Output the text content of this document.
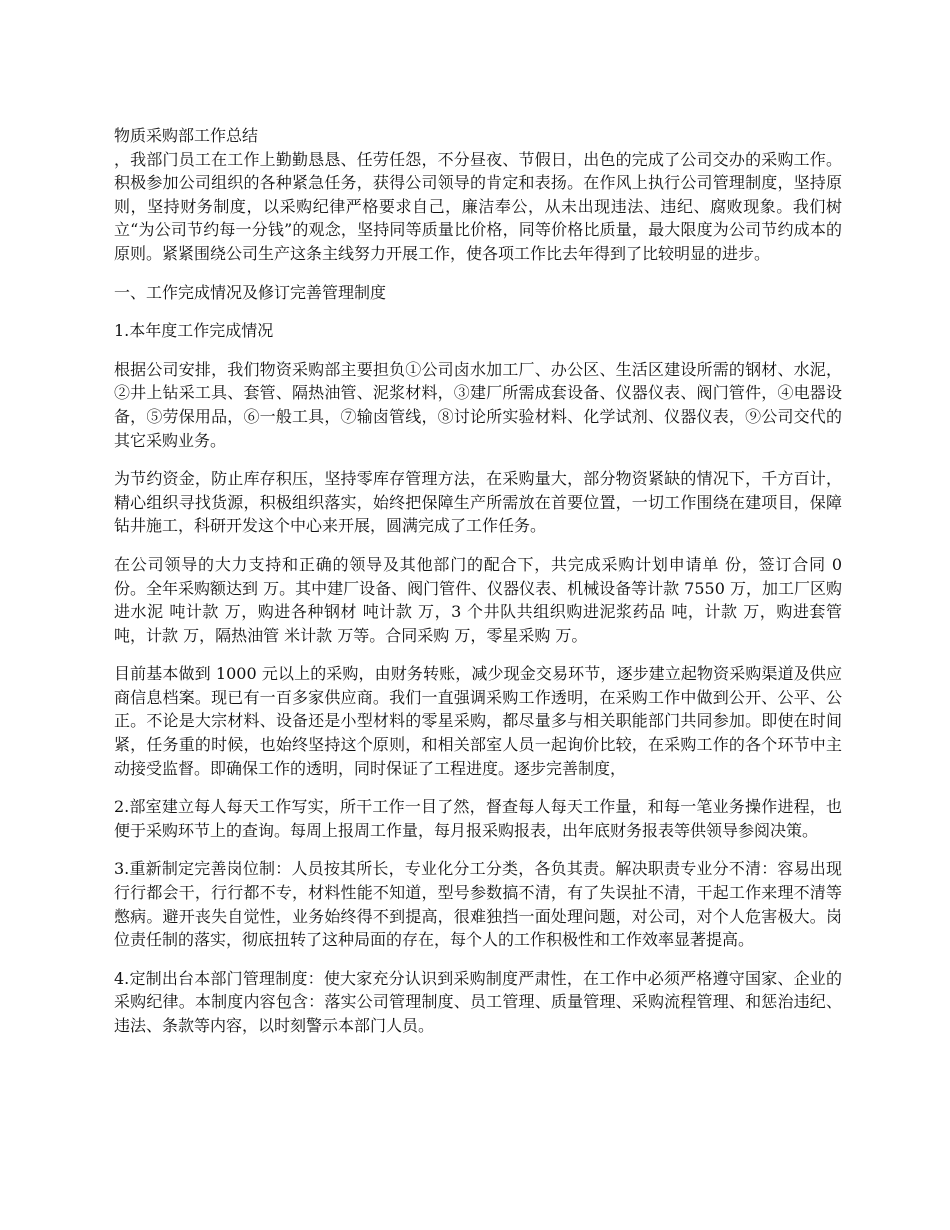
物质采购部工作总结

，我部门员工在工作上勤勤恳恳、任劳任怨，不分昼夜、节假日，出色的完成了公司交办的采购工作。积极参加公司组织的各种紧急任务，获得公司领导的肯定和表扬。在作风上执行公司管理制度，坚持原则，坚持财务制度，以采购纪律严格要求自己，廉洁奉公，从未出现违法、违纪、腐败现象。我们树立“为公司节约每一分钱”的观念，坚持同等质量比价格，同等价格比质量，最大限度为公司节约成本的原则。紧紧围绕公司生产这条主线努力开展工作，使各项工作比去年得到了比较明显的进步。

一、工作完成情况及修订完善管理制度

1.本年度工作完成情况

根据公司安排，我们物资采购部主要担负①公司卤水加工厂、办公区、生活区建设所需的钢材、水泥，②井上钻采工具、套管、隔热油管、泥浆材料，③建厂所需成套设备、仪器仪表、阀门管件，④电器设备，⑤劳保用品，⑥一般工具，⑦输卤管线，⑧讨论所实验材料、化学试剂、仪器仪表，⑨公司交代的其它采购业务。

为节约资金，防止库存积压，坚持零库存管理方法，在采购量大，部分物资紧缺的情况下，千方百计，精心组织寻找货源，积极组织落实，始终把保障生产所需放在首要位置，一切工作围绕在建项目，保障钻井施工，科研开发这个中心来开展，圆满完成了工作任务。

在公司领导的大力支持和正确的领导及其他部门的配合下，共完成采购计划申请单 份，签订合同 0 份。全年采购额达到 万。其中建厂设备、阀门管件、仪器仪表、机械设备等计款 7550 万，加工厂区购进水泥 吨计款 万，购进各种钢材 吨计款 万，3 个井队共组织购进泥浆药品 吨，计款 万，购进套管 吨，计款 万，隔热油管 米计款 万等。合同采购 万，零星采购 万。

目前基本做到 1000 元以上的采购，由财务转账，减少现金交易环节，逐步建立起物资采购渠道及供应商信息档案。现已有一百多家供应商。我们一直强调采购工作透明，在采购工作中做到公开、公平、公正。不论是大宗材料、设备还是小型材料的零星采购，都尽量多与相关职能部门共同参加。即使在时间紧，任务重的时候，也始终坚持这个原则，和相关部室人员一起询价比较，在采购工作的各个环节中主动接受监督。即确保工作的透明，同时保证了工程进度。逐步完善制度，

2.部室建立每人每天工作写实，所干工作一目了然，督查每人每天工作量，和每一笔业务操作进程，也便于采购环节上的查询。每周上报周工作量，每月报采购报表，出年底财务报表等供领导参阅决策。

3.重新制定完善岗位制：人员按其所长，专业化分工分类，各负其责。解决职责专业分不清：容易出现行行都会干，行行都不专，材料性能不知道，型号参数搞不清，有了失误扯不清，干起工作来理不清等憋病。避开丧失自觉性，业务始终得不到提高，很难独挡一面处理问题，对公司，对个人危害极大。岗位责任制的落实，彻底扭转了这种局面的存在，每个人的工作积极性和工作效率显著提高。

4.定制出台本部门管理制度：使大家充分认识到采购制度严肃性，在工作中必须严格遵守国家、企业的采购纪律。本制度内容包含：落实公司管理制度、员工管理、质量管理、采购流程管理、和惩治违纪、违法、条款等内容，以时刻警示本部门人员。
